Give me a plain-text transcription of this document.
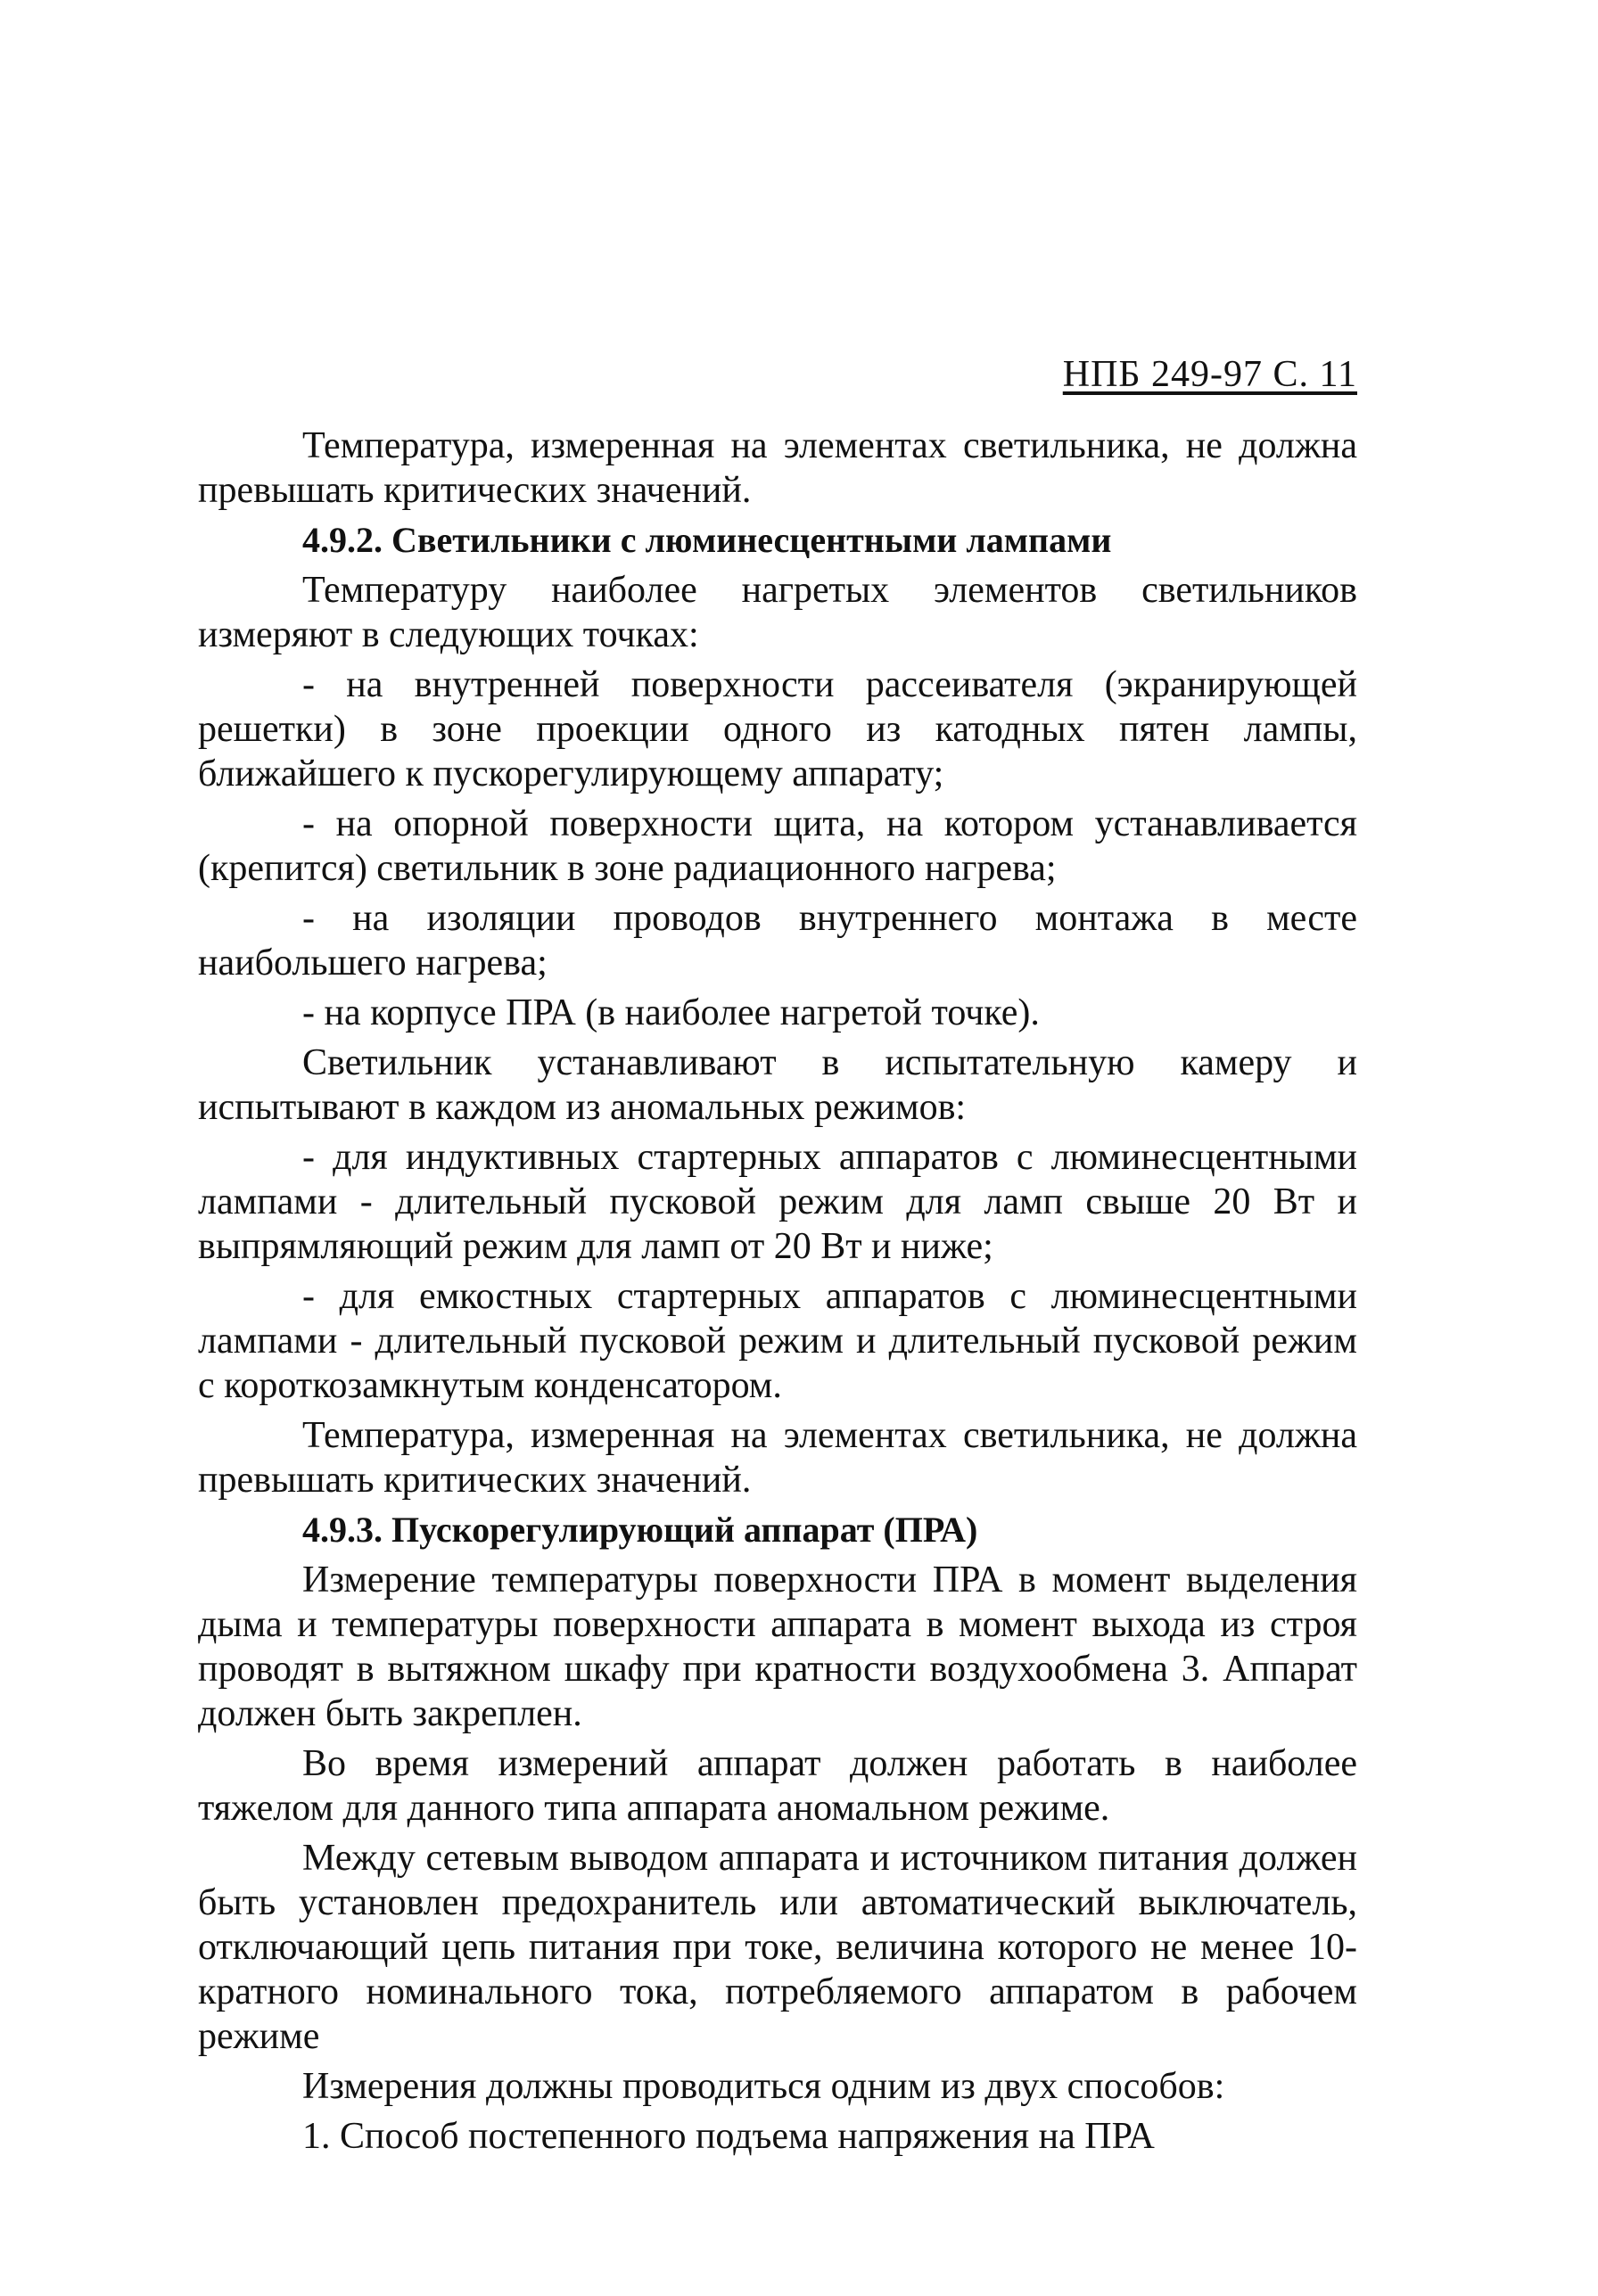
НПБ 249-97 С. 11

Температура, измеренная на элементах светильника, не должна превышать критических значений.

4.9.2. Светильники с люминесцентными лампами

Температуру наиболее нагретых элементов светильников измеряют в следующих точках:

- на внутренней поверхности рассеивателя (экранирующей решетки) в зоне проекции одного из катодных пятен лампы, ближайшего к пускорегулирующему аппарату;

- на опорной поверхности щита, на котором устанавливается (крепится) светильник в зоне радиационного нагрева;

- на изоляции проводов внутреннего монтажа в месте наибольшего нагрева;

- на корпусе ПРА (в наиболее нагретой точке).

Светильник устанавливают в испытательную камеру и испытывают в каждом из аномальных режимов:

- для индуктивных стартерных аппаратов с люминесцентными лампами - длительный пусковой режим для ламп свыше 20 Вт и выпрямляющий режим для ламп от 20 Вт и ниже;

- для емкостных стартерных аппаратов с люминесцентными лампами - длительный пусковой режим и длительный пусковой режим с короткозамкнутым конденсатором.

Температура, измеренная на элементах светильника, не должна превышать критических значений.

4.9.3. Пускорегулирующий аппарат (ПРА)

Измерение температуры поверхности ПРА в момент выделения дыма и температуры поверхности аппарата в момент выхода из строя проводят в вытяжном шкафу при кратности воздухообмена 3. Аппарат должен быть закреплен.

Во время измерений аппарат должен работать в наиболее тяжелом для данного типа аппарата аномальном режиме.

Между сетевым выводом аппарата и источником питания должен быть установлен предохранитель или автоматический выключатель, отключающий цепь питания при токе, величина которого не менее 10-кратного номинального тока, потребляемого аппаратом в рабочем режиме

Измерения должны проводиться одним из двух способов:

1. Способ постепенного подъема напряжения на ПРА
